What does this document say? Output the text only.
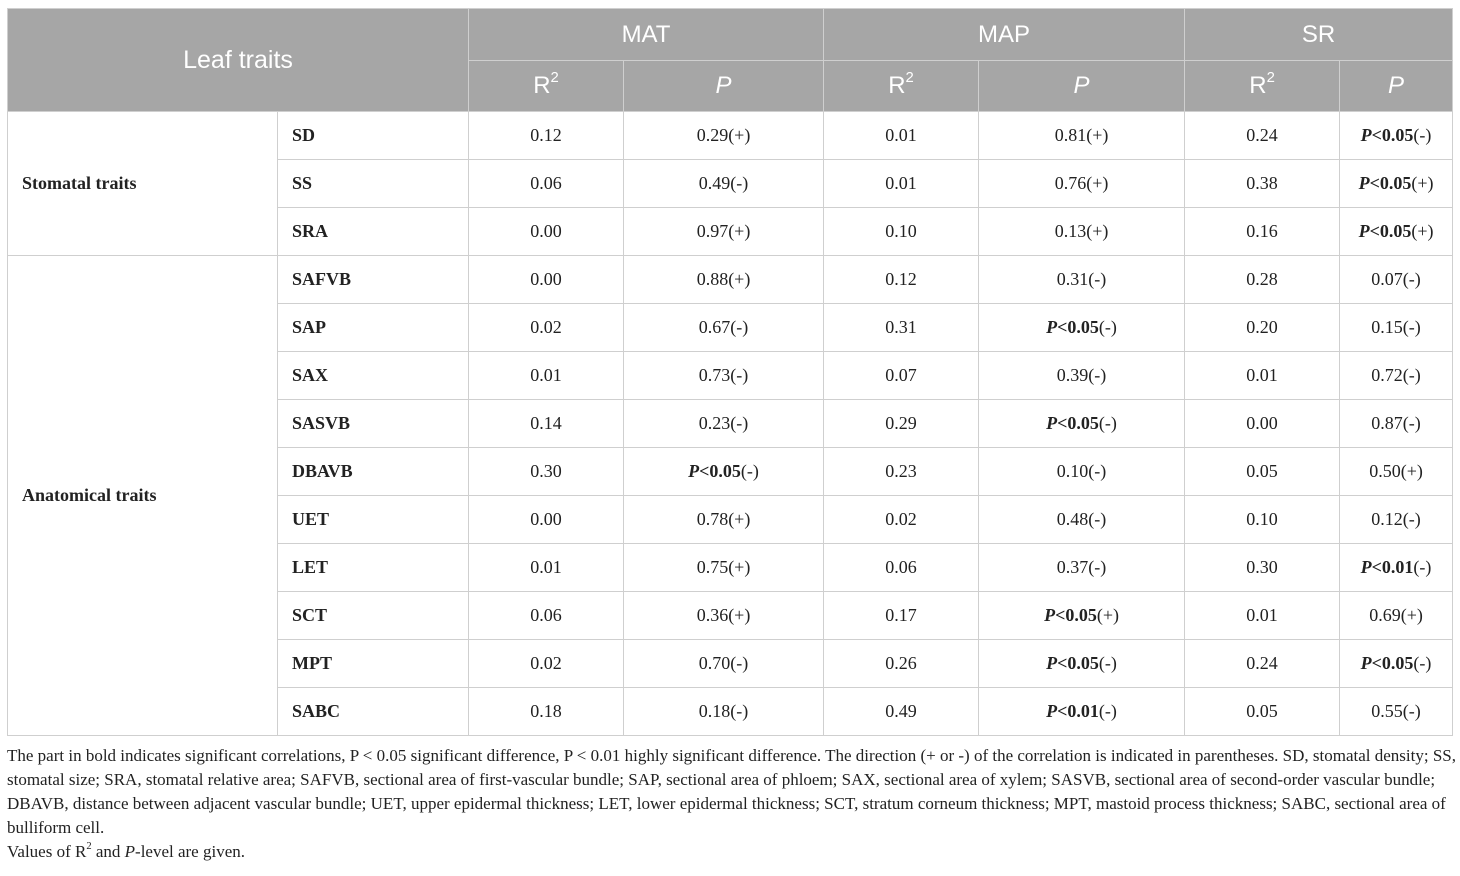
Leaf traits		MAT		MAP		SR	
		$R^2$	P	$R^2$	P	$R^2$	P
Stomatal traits	SD	0.12	0.29(+)	0.01	0.81(+)	0.24	P<0.05(-)
	SS	0.06	0.49(-)	0.01	0.76(+)	0.38	P<0.05(+)
	SRA	0.00	0.97(+)	0.10	0.13(+)	0.16	P<0.05(+)
Anatomical traits	SAFVB	0.00	0.88(+)	0.12	0.31(-)	0.28	0.07(-)
	SAP	0.02	0.67(-)	0.31	P<0.05(-)	0.20	0.15(-)
	SAX	0.01	0.73(-)	0.07	0.39(-)	0.01	0.72(-)
	SASVB	0.14	0.23(-)	0.29	P<0.05(-)	0.00	0.87(-)
	DBAVB	0.30	P<0.05(-)	0.23	0.10(-)	0.05	0.50(+)
	UET	0.00	0.78(+)	0.02	0.48(-)	0.10	0.12(-)
	LET	0.01	0.75(+)	0.06	0.37(-)	0.30	P<0.01(-)
	SCT	0.06	0.36(+)	0.17	P<0.05(+)	0.01	0.69(+)
	MPT	0.02	0.70(-)	0.26	P<0.05(-)	0.24	P<0.05(-)
	SABC	0.18	0.18(-)	0.49	P<0.01(-)	0.05	0.55(-)

The part in bold indicates significant correlations, P < 0.05 significant difference, P < 0.01 highly significant difference. The direction (+ or -) of the correlation is indicated in parentheses. SD, stomatal density; SS, stomatal size; SRA, stomatal relative area; SAFVB, sectional area of first-vascular bundle; SAP, sectional area of phloem; SAX, sectional area of xylem; SASVB, sectional area of second-order vascular bundle; DBAVB, distance between adjacent vascular bundle; UET, upper epidermal thickness; LET, lower epidermal thickness; SCT, stratum corneum thickness; MPT, mastoid process thickness; SABC, sectional area of bulliform cell.

Values of $R^2$ and P-level are given.
